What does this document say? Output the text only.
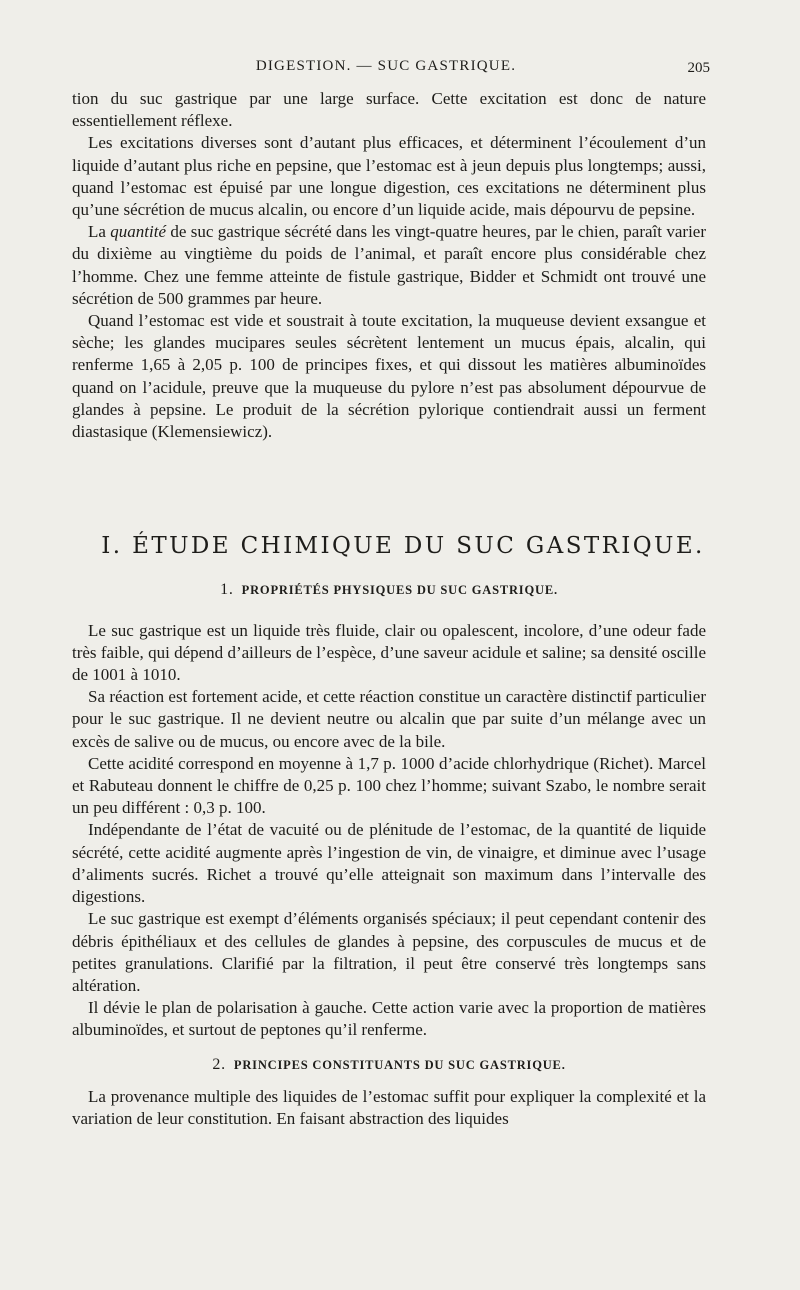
DIGESTION. — SUC GASTRIQUE.	205

tion du suc gastrique par une large surface. Cette excitation est donc de nature essentiellement réflexe.

Les excitations diverses sont d’autant plus efficaces, et déterminent l’écoulement d’un liquide d’autant plus riche en pepsine, que l’estomac est à jeun depuis plus longtemps; aussi, quand l’estomac est épuisé par une longue digestion, ces excitations ne déterminent plus qu’une sécrétion de mucus alcalin, ou encore d’un liquide acide, mais dépourvu de pepsine.

La quantité de suc gastrique sécrété dans les vingt-quatre heures, par le chien, paraît varier du dixième au vingtième du poids de l’animal, et paraît encore plus considérable chez l’homme. Chez une femme atteinte de fistule gastrique, Bidder et Schmidt ont trouvé une sécrétion de 500 grammes par heure.

Quand l’estomac est vide et soustrait à toute excitation, la muqueuse devient exsangue et sèche; les glandes mucipares seules sécrètent lentement un mucus épais, alcalin, qui renferme 1,65 à 2,05 p. 100 de principes fixes, et qui dissout les matières albuminoïdes quand on l’acidule, preuve que la muqueuse du pylore n’est pas absolument dépourvue de glandes à pepsine. Le produit de la sécrétion pylorique contiendrait aussi un ferment diastasique (Klemensiewicz).

I. ÉTUDE CHIMIQUE DU SUC GASTRIQUE.
1. PROPRIÉTÉS PHYSIQUES DU SUC GASTRIQUE.

Le suc gastrique est un liquide très fluide, clair ou opalescent, incolore, d’une odeur fade très faible, qui dépend d’ailleurs de l’espèce, d’une saveur acidule et saline; sa densité oscille de 1001 à 1010.

Sa réaction est fortement acide, et cette réaction constitue un caractère distinctif particulier pour le suc gastrique. Il ne devient neutre ou alcalin que par suite d’un mélange avec un excès de salive ou de mucus, ou encore avec de la bile.

Cette acidité correspond en moyenne à 1,7 p. 1000 d’acide chlorhydrique (Richet). Marcel et Rabuteau donnent le chiffre de 0,25 p. 100 chez l’homme; suivant Szabo, le nombre serait un peu différent : 0,3 p. 100.

Indépendante de l’état de vacuité ou de plénitude de l’estomac, de la quantité de liquide sécrété, cette acidité augmente après l’ingestion de vin, de vinaigre, et diminue avec l’usage d’aliments sucrés. Richet a trouvé qu’elle atteignait son maximum dans l’intervalle des digestions.

Le suc gastrique est exempt d’éléments organisés spéciaux; il peut cependant contenir des débris épithéliaux et des cellules de glandes à pepsine, des corpuscules de mucus et de petites granulations. Clarifié par la filtration, il peut être conservé très longtemps sans altération.

Il dévie le plan de polarisation à gauche. Cette action varie avec la proportion de matières albuminoïdes, et surtout de peptones qu’il renferme.

2. PRINCIPES CONSTITUANTS DU SUC GASTRIQUE.

La provenance multiple des liquides de l’estomac suffit pour expliquer la complexité et la variation de leur constitution. En faisant abstraction des liquides
